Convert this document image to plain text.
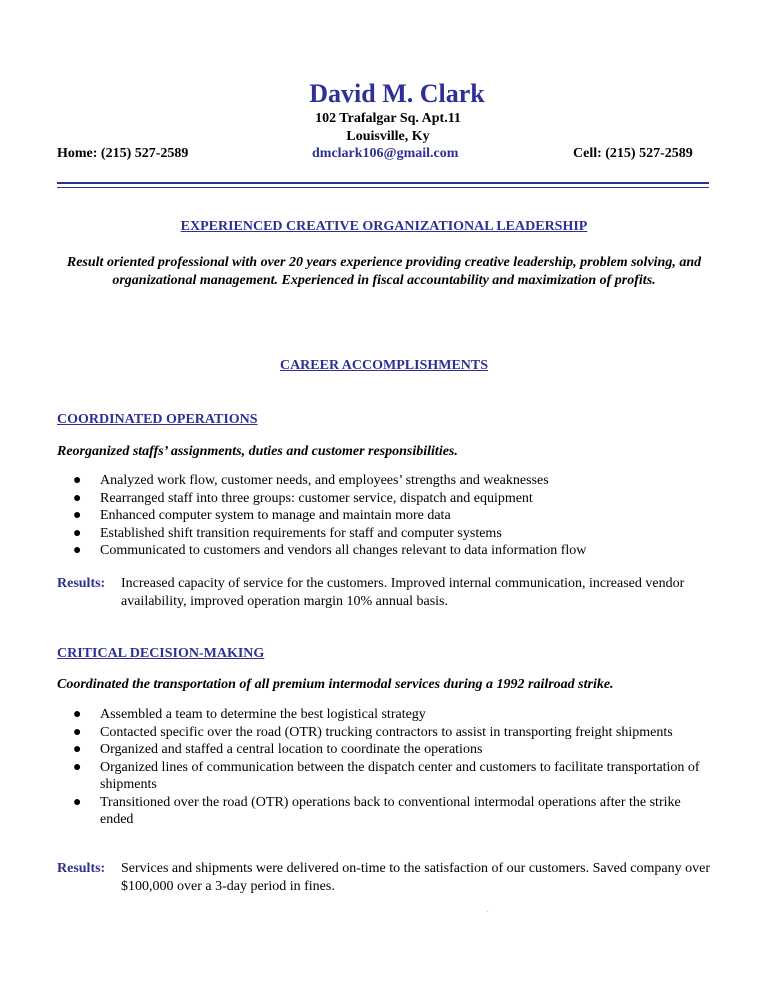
David M. Clark
102 Trafalgar Sq. Apt.11
Louisville, Ky
Home: (215) 527-2589	dmclark106@gmail.com	Cell: (215) 527-2589
EXPERIENCED CREATIVE ORGANIZATIONAL LEADERSHIP
Result oriented professional with over 20 years experience providing creative leadership, problem solving, and organizational management. Experienced in fiscal accountability and maximization of profits.
CAREER ACCOMPLISHMENTS
COORDINATED OPERATIONS
Reorganized staffs’ assignments, duties and customer responsibilities.
● Analyzed work flow, customer needs, and employees’ strengths and weaknesses
● Rearranged staff into three groups: customer service, dispatch and equipment
● Enhanced computer system to manage and maintain more data
● Established shift transition requirements for staff and computer systems
● Communicated to customers and vendors all changes relevant to data information flow
Results: Increased capacity of service for the customers. Improved internal communication, increased vendor availability, improved operation margin 10% annual basis.
CRITICAL DECISION-MAKING
Coordinated the transportation of all premium intermodal services during a 1992 railroad strike.
● Assembled a team to determine the best logistical strategy
● Contacted specific over the road (OTR) trucking contractors to assist in transporting freight shipments
● Organized and staffed a central location to coordinate the operations
● Organized lines of communication between the dispatch center and customers to facilitate transportation of shipments
● Transitioned over the road (OTR) operations back to conventional intermodal operations after the strike ended
Results: Services and shipments were delivered on-time to the satisfaction of our customers. Saved company over $100,000 over a 3-day period in fines.
.
